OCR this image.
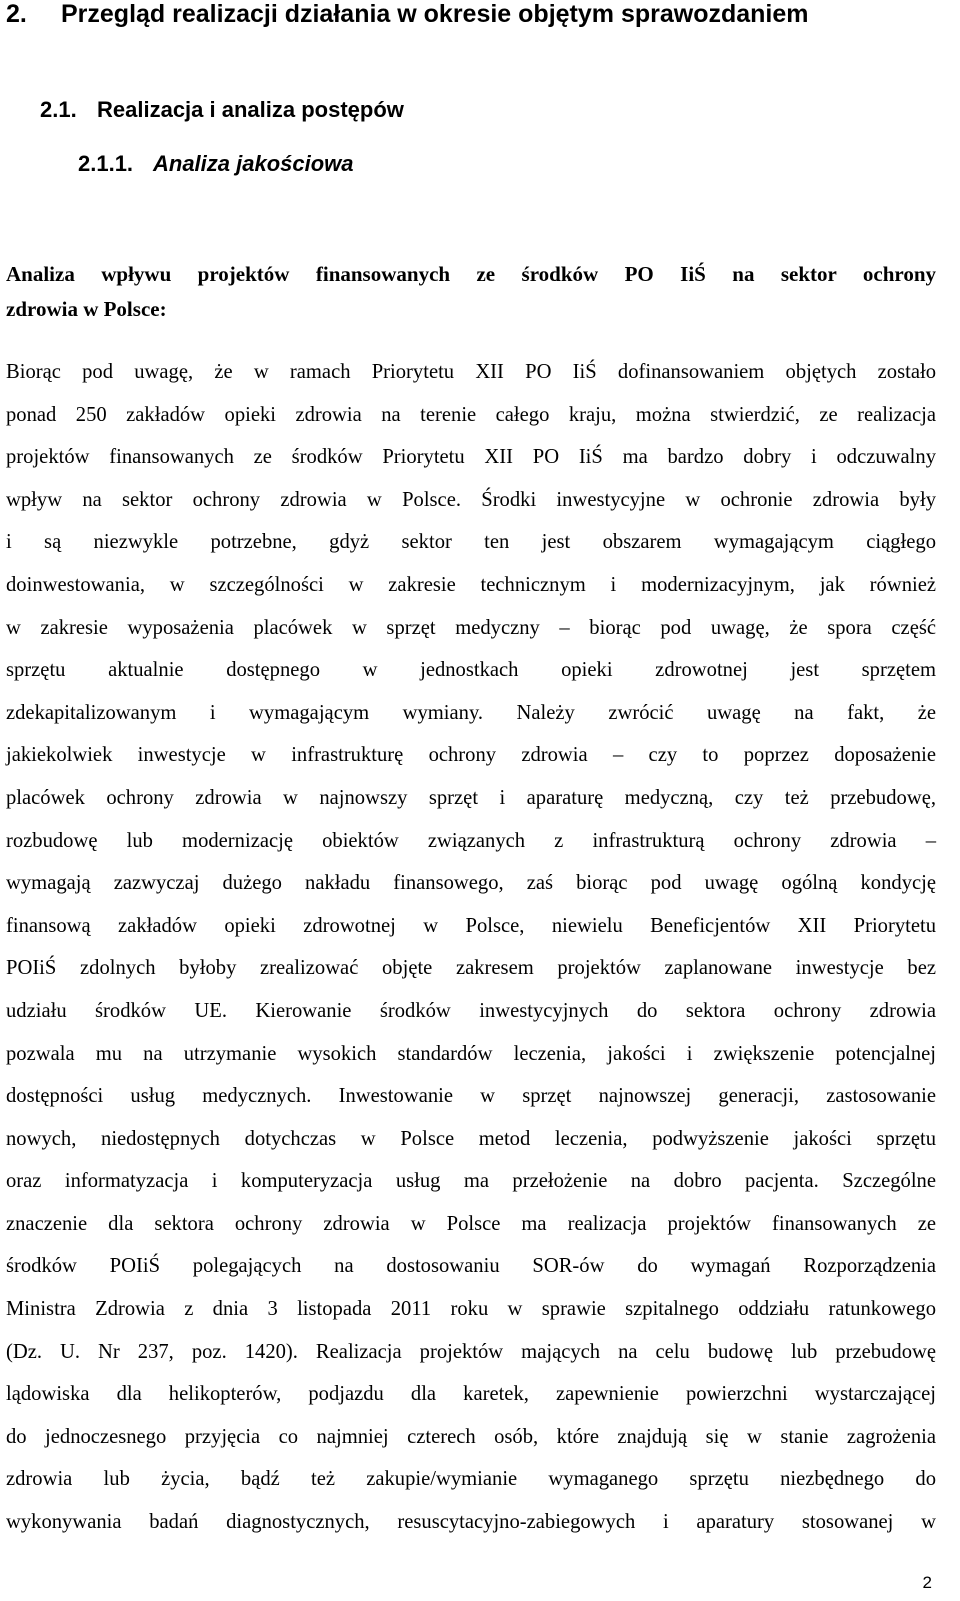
2. Przegląd realizacji działania w okresie objętym sprawozdaniem
2.1. Realizacja i analiza postępów
2.1.1. Analiza jakościowa
Analiza wpływu projektów finansowanych ze środków PO IiŚ na sektor ochrony
zdrowia w Polsce:
Biorąc pod uwagę, że w ramach Priorytetu XII PO IiŚ dofinansowaniem objętych zostało
ponad 250 zakładów opieki zdrowia na terenie całego kraju, można stwierdzić, ze realizacja
projektów finansowanych ze środków Priorytetu XII PO IiŚ ma bardzo dobry i odczuwalny
wpływ na sektor ochrony zdrowia w Polsce. Środki inwestycyjne w ochronie zdrowia były
i są niezwykle potrzebne, gdyż sektor ten jest obszarem wymagającym ciągłego
doinwestowania, w szczególności w zakresie technicznym i modernizacyjnym, jak również
w zakresie wyposażenia placówek w sprzęt medyczny – biorąc pod uwagę, że spora część
sprzętu aktualnie dostępnego w jednostkach opieki zdrowotnej jest sprzętem
zdekapitalizowanym i wymagającym wymiany. Należy zwrócić uwagę na fakt, że
jakiekolwiek inwestycje w infrastrukturę ochrony zdrowia – czy to poprzez doposażenie
placówek ochrony zdrowia w najnowszy sprzęt i aparaturę medyczną, czy też przebudowę,
rozbudowę lub modernizację obiektów związanych z infrastrukturą ochrony zdrowia –
wymagają zazwyczaj dużego nakładu finansowego, zaś biorąc pod uwagę ogólną kondycję
finansową zakładów opieki zdrowotnej w Polsce, niewielu Beneficjentów XII Priorytetu
POIiŚ zdolnych byłoby zrealizować objęte zakresem projektów zaplanowane inwestycje bez
udziału środków UE. Kierowanie środków inwestycyjnych do sektora ochrony zdrowia
pozwala mu na utrzymanie wysokich standardów leczenia, jakości i zwiększenie potencjalnej
dostępności usług medycznych. Inwestowanie w sprzęt najnowszej generacji, zastosowanie
nowych, niedostępnych dotychczas w Polsce metod leczenia, podwyższenie jakości sprzętu
oraz informatyzacja i komputeryzacja usług ma przełożenie na dobro pacjenta. Szczególne
znaczenie dla sektora ochrony zdrowia w Polsce ma realizacja projektów finansowanych ze
środków POIiŚ polegających na dostosowaniu SOR-ów do wymagań Rozporządzenia
Ministra Zdrowia z dnia 3 listopada 2011 roku w sprawie szpitalnego oddziału ratunkowego
(Dz. U. Nr 237, poz. 1420). Realizacja projektów mających na celu budowę lub przebudowę
lądowiska dla helikopterów, podjazdu dla karetek, zapewnienie powierzchni wystarczającej
do jednoczesnego przyjęcia co najmniej czterech osób, które znajdują się w stanie zagrożenia
zdrowia lub życia, bądź też zakupie/wymianie wymaganego sprzętu niezbędnego do
wykonywania badań diagnostycznych, resuscytacyjno-zabiegowych i aparatury stosowanej w
2
